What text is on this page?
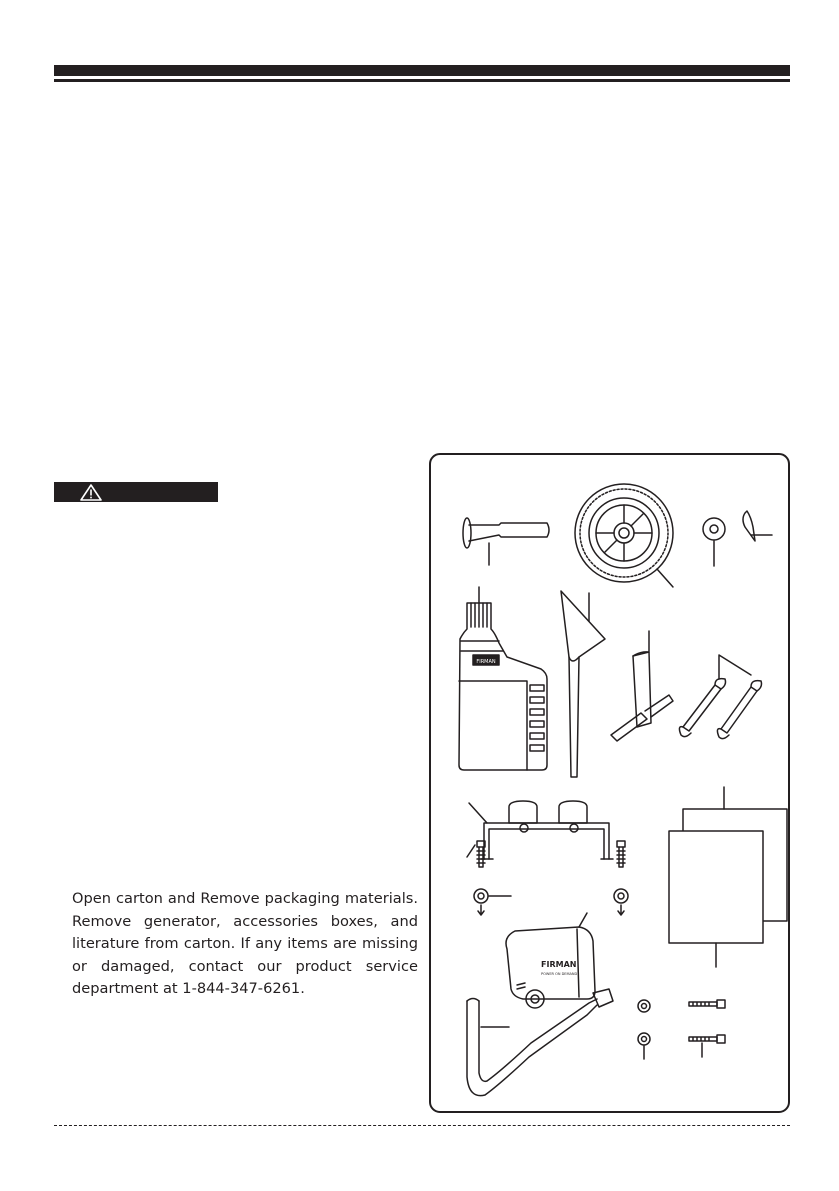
Open carton and Remove packaging materials. Remove generator, accessories boxes, and literature from carton. If any items are missing or damaged, contact our product service department at 1-844-347-6261.

FIRMAN
FIRMAN
POWER ON DEMAND
